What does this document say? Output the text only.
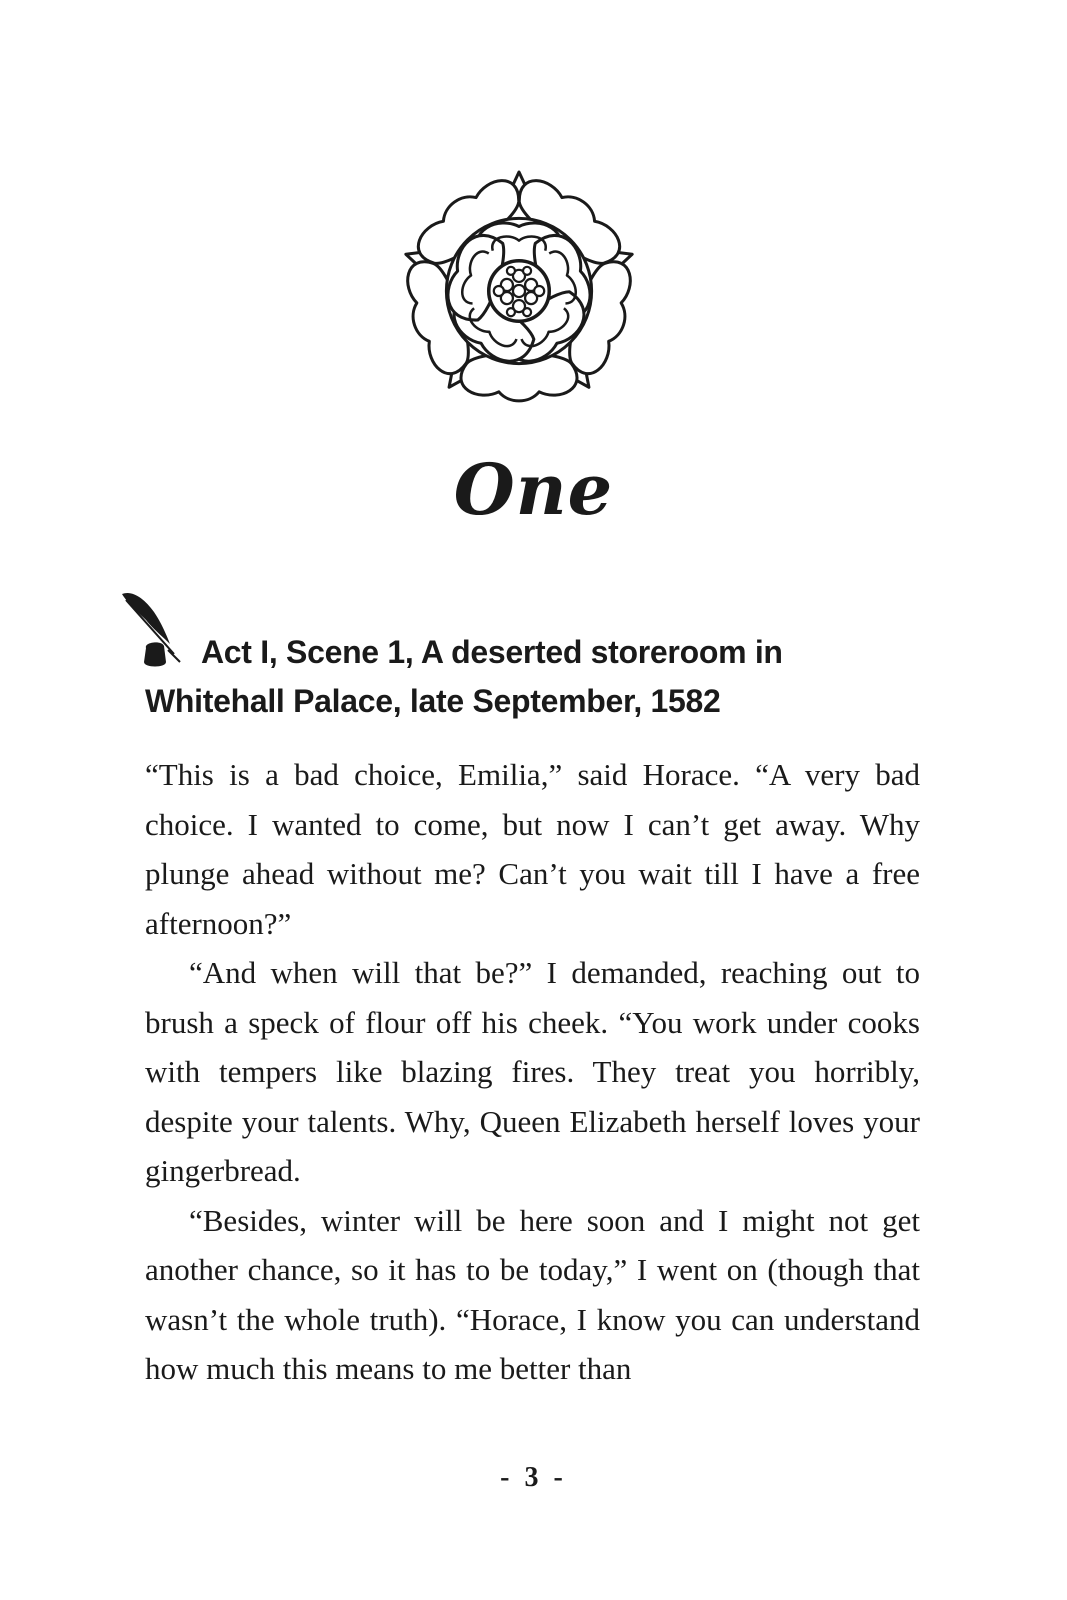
One
Act I, Scene 1, A deserted storeroom in Whitehall Palace, late September, 1582

“This is a bad choice, Emilia,” said Horace. “A very bad choice. I wanted to come, but now I can’t get away. Why plunge ahead without me? Can’t you wait till I have a free afternoon?”

“And when will that be?” I demanded, reaching out to brush a speck of flour off his cheek. “You work under cooks with tempers like blazing fires. They treat you horribly, despite your talents. Why, Queen Elizabeth herself loves your gingerbread.

“Besides, winter will be here soon and I might not get another chance, so it has to be today,” I went on (though that wasn’t the whole truth). “Horace, I know you can understand how much this means to me better than

- 3 -
